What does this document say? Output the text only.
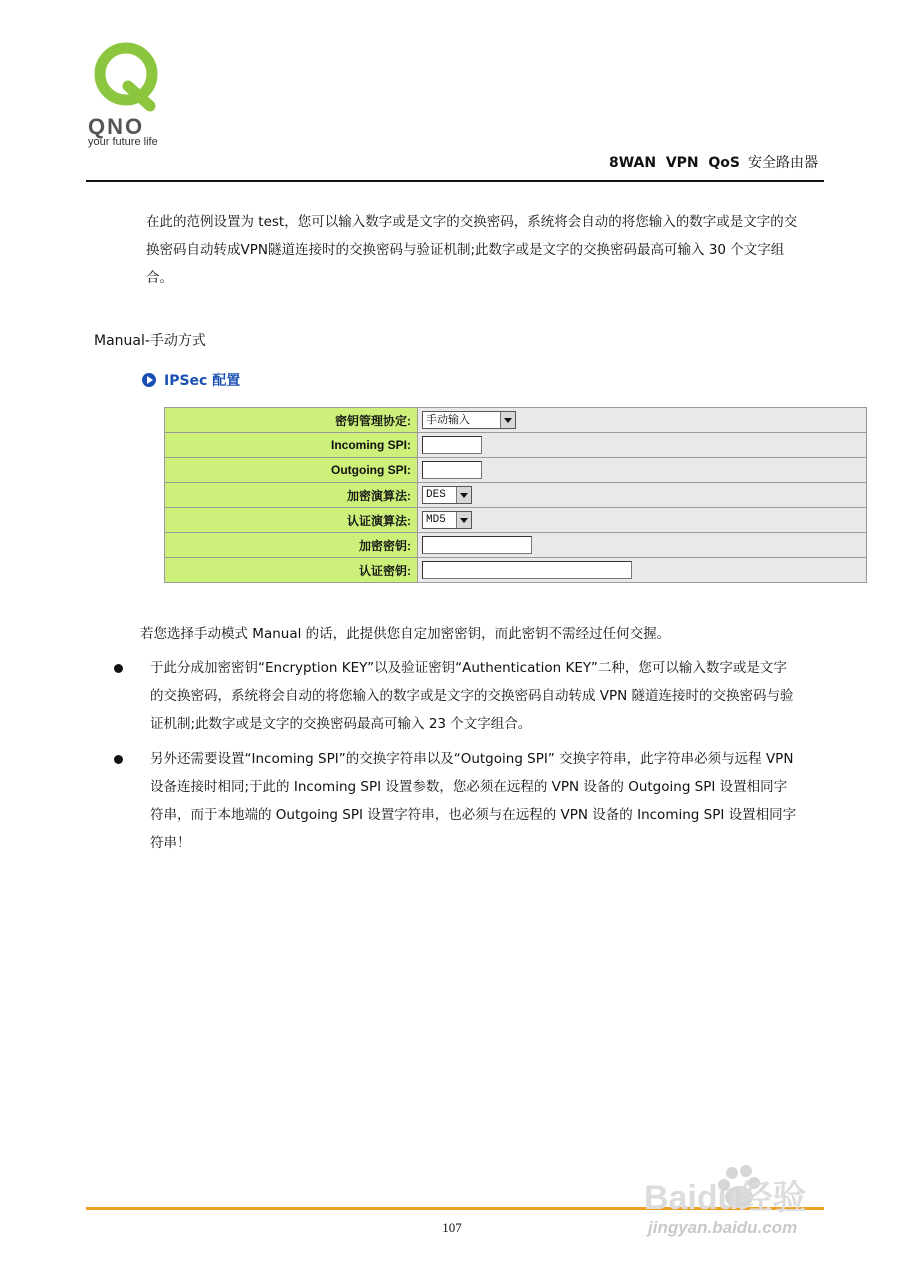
QNO
your future life
8WAN  VPN  QoS 安全路由器
在此的范例设置为 test，您可以输入数字或是文字的交换密码，系统将会自动的将您输入的数字或是文字的交换密码自动转成VPN隧道连接时的交换密码与验证机制;此数字或是文字的交换密码最高可输入 30 个文字组合。
Manual-手动方式
IPSec 配置
密钥管理协定:	手动输入

Incoming SPI:	
Outgoing SPI:	
加密演算法:	DES

认证演算法:	MD5

加密密钥:	
认证密钥:	
若您选择手动模式 Manual 的话，此提供您自定加密密钥，而此密钥不需经过任何交握。
于此分成加密密钥“Encryption KEY”以及验证密钥“Authentication KEY”二种，您可以输入数字或是文字的交换密码，系统将会自动的将您输入的数字或是文字的交换密码自动转成 VPN 隧道连接时的交换密码与验证机制;此数字或是文字的交换密码最高可输入 23 个文字组合。
另外还需要设置“Incoming SPI”的交换字符串以及“Outgoing SPI” 交换字符串，此字符串必须与远程 VPN 设备连接时相同;于此的 Incoming SPI 设置参数，您必须在远程的 VPN 设备的 Outgoing SPI 设置相同字符串，而于本地端的 Outgoing SPI 设置字符串，也必须与在远程的 VPN 设备的 Incoming SPI 设置相同字符串！
107
Baidu经验
jingyan.baidu.com
